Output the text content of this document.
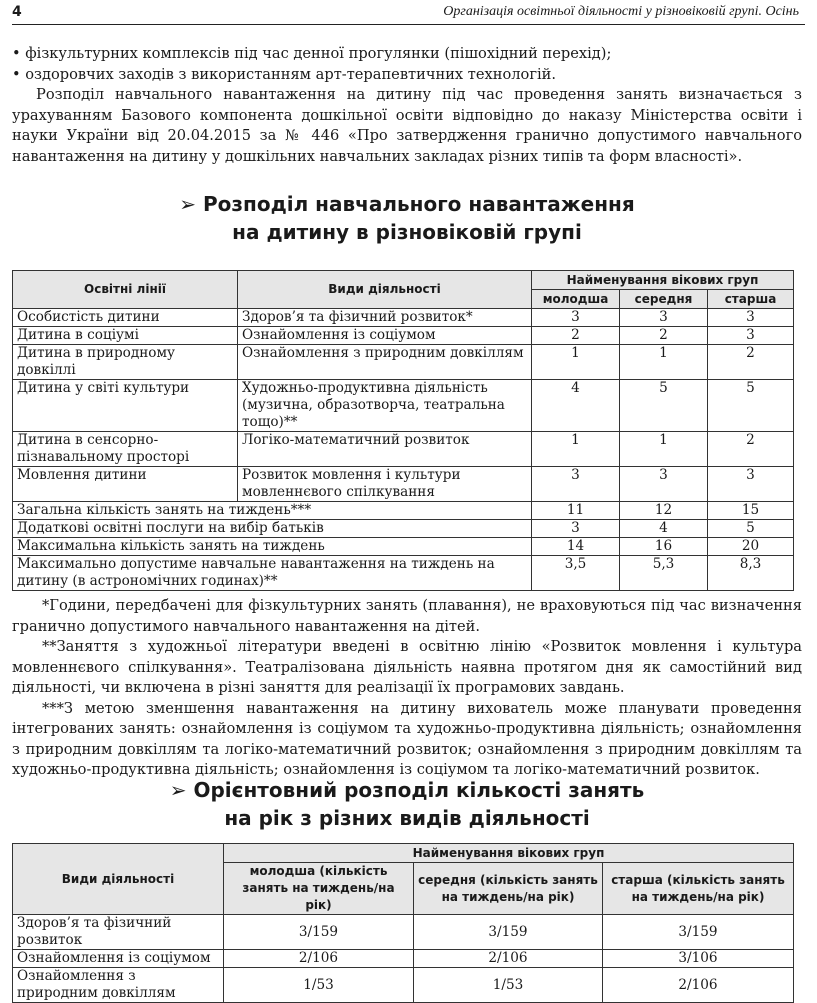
4	Організація освітньої діяльності у різновіковій групі. Осінь

• фізкультурних комплексів під час денної прогулянки (пішохідний перехід);

• оздоровчих заходів з використанням арт-терапевтичних технологій.

Розподіл навчального навантаження на дитину під час проведення занять визначається з урахуванням Базового компонента дошкільної освіти відповідно до наказу Міністерства освіти і науки України від 20.04.2015 за № 446 «Про затвердження гранично допустимого навчального навантаження на дитину у дошкільних навчальних закладах різних типів та форм власності».

➢ Розподіл навчального навантаження
на дитину в різновіковій групі
Освітні лінії	Види діяльності	Найменування вікових груп		
		молодша	середня	старша
Особистість дитини	Здоров’я та фізичний розвиток*	3	3	3
Дитина в соціумі	Ознайомлення із соціумом	2	2	3
Дитина в природному довкіллі	Ознайомлення з природним довкіллям	1	1	2
Дитина у світі культури	Художньо-продуктивна діяльність (музична, образотворча, театральна тощо)**	4	5	5
Дитина в сенсорно-пізнавальному просторі	Логіко-математичний розвиток	1	1	2
Мовлення дитини	Розвиток мовлення і культури мовленнєвого спілкування	3	3	3
Загальна кількість занять на тиждень***		11	12	15
Додаткові освітні послуги на вибір батьків		3	4	5
Максимальна кількість занять на тиждень		14	16	20
Максимально допустиме навчальне навантаження на тиждень на дитину (в астрономічних годинах)**		3,5	5,3	8,3

*Години, передбачені для фізкультурних занять (плавання), не враховуються під час визначення гранично допустимого навчального навантаження на дітей.

**Заняття з художньої літератури введені в освітню лінію «Розвиток мовлення і культура мовленнєвого спілкування». Театралізована діяльність наявна протягом дня як самостійний вид діяльності, чи включена в різні заняття для реалізації їх програмових завдань.

***З метою зменшення навантаження на дитину вихователь може планувати проведення інтегрованих занять: ознайомлення із соціумом та художньо-продуктивна діяльність; ознайомлення з природним довкіллям та логіко-математичний розвиток; ознайомлення з природним довкіллям та художньо-продуктивна діяльність; ознайомлення із соціумом та логіко-математичний розвиток.

➢ Орієнтовний розподіл кількості занять
на рік з різних видів діяльності
Види діяльності	Найменування вікових груп		
	молодша (кількість занять на тиждень/на рік)	середня (кількість занять на тиждень/на рік)	старша (кількість занять на тиждень/на рік)
Здоров’я та фізичний розвиток	3/159	3/159	3/159
Ознайомлення із соціумом	2/106	2/106	3/106
Ознайомлення з природним довкіллям	1/53	1/53	2/106
